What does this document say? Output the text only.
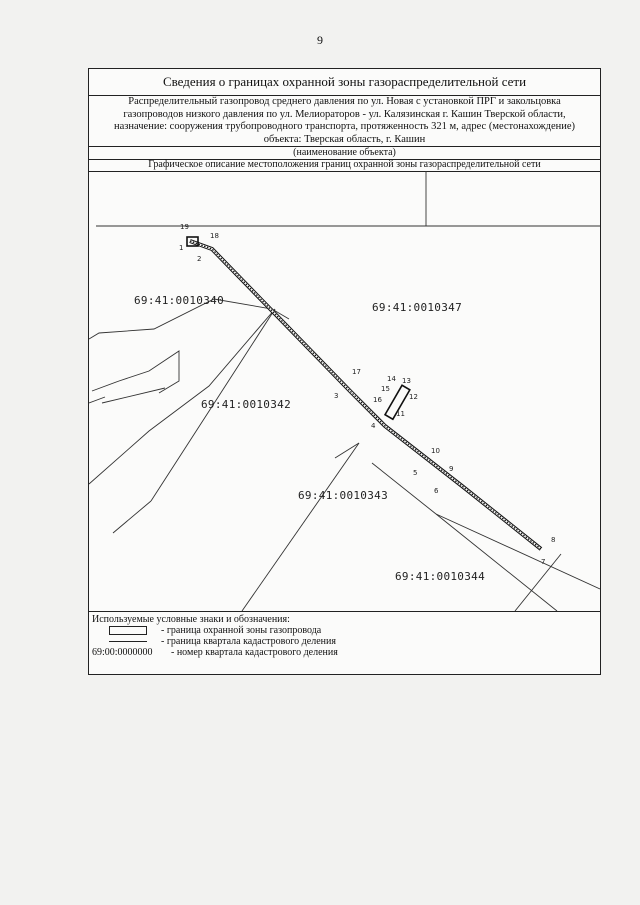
9
Сведения о границах охранной зоны газораспределительной сети
Распределительный газопровод среднего давления по ул. Новая с установкой ПРГ и закольцовка
газопроводов низкого давления по ул. Мелиораторов - ул. Калязинская г. Кашин Тверской области,
назначение: сооружения трубопроводного транспорта, протяженность 321 м, адрес (местонахождение)
объекта: Тверская область, г. Кашин
(наименование объекта)
Графическое описание местоположения границ охранной зоны газораспределительной сети
69:41:0010340
69:41:0010347
69:41:0010342
69:41:0010343
69:41:0010344
19
18
1
2
17
14 13
15
12
3	16
11
4
10
9
5
6
8
7
Используемые условные знаки и обозначения:
- граница охранной зоны газопровода
- граница квартала кадастрового деления
69:00:0000000 - номер квартала кадастрового деления
